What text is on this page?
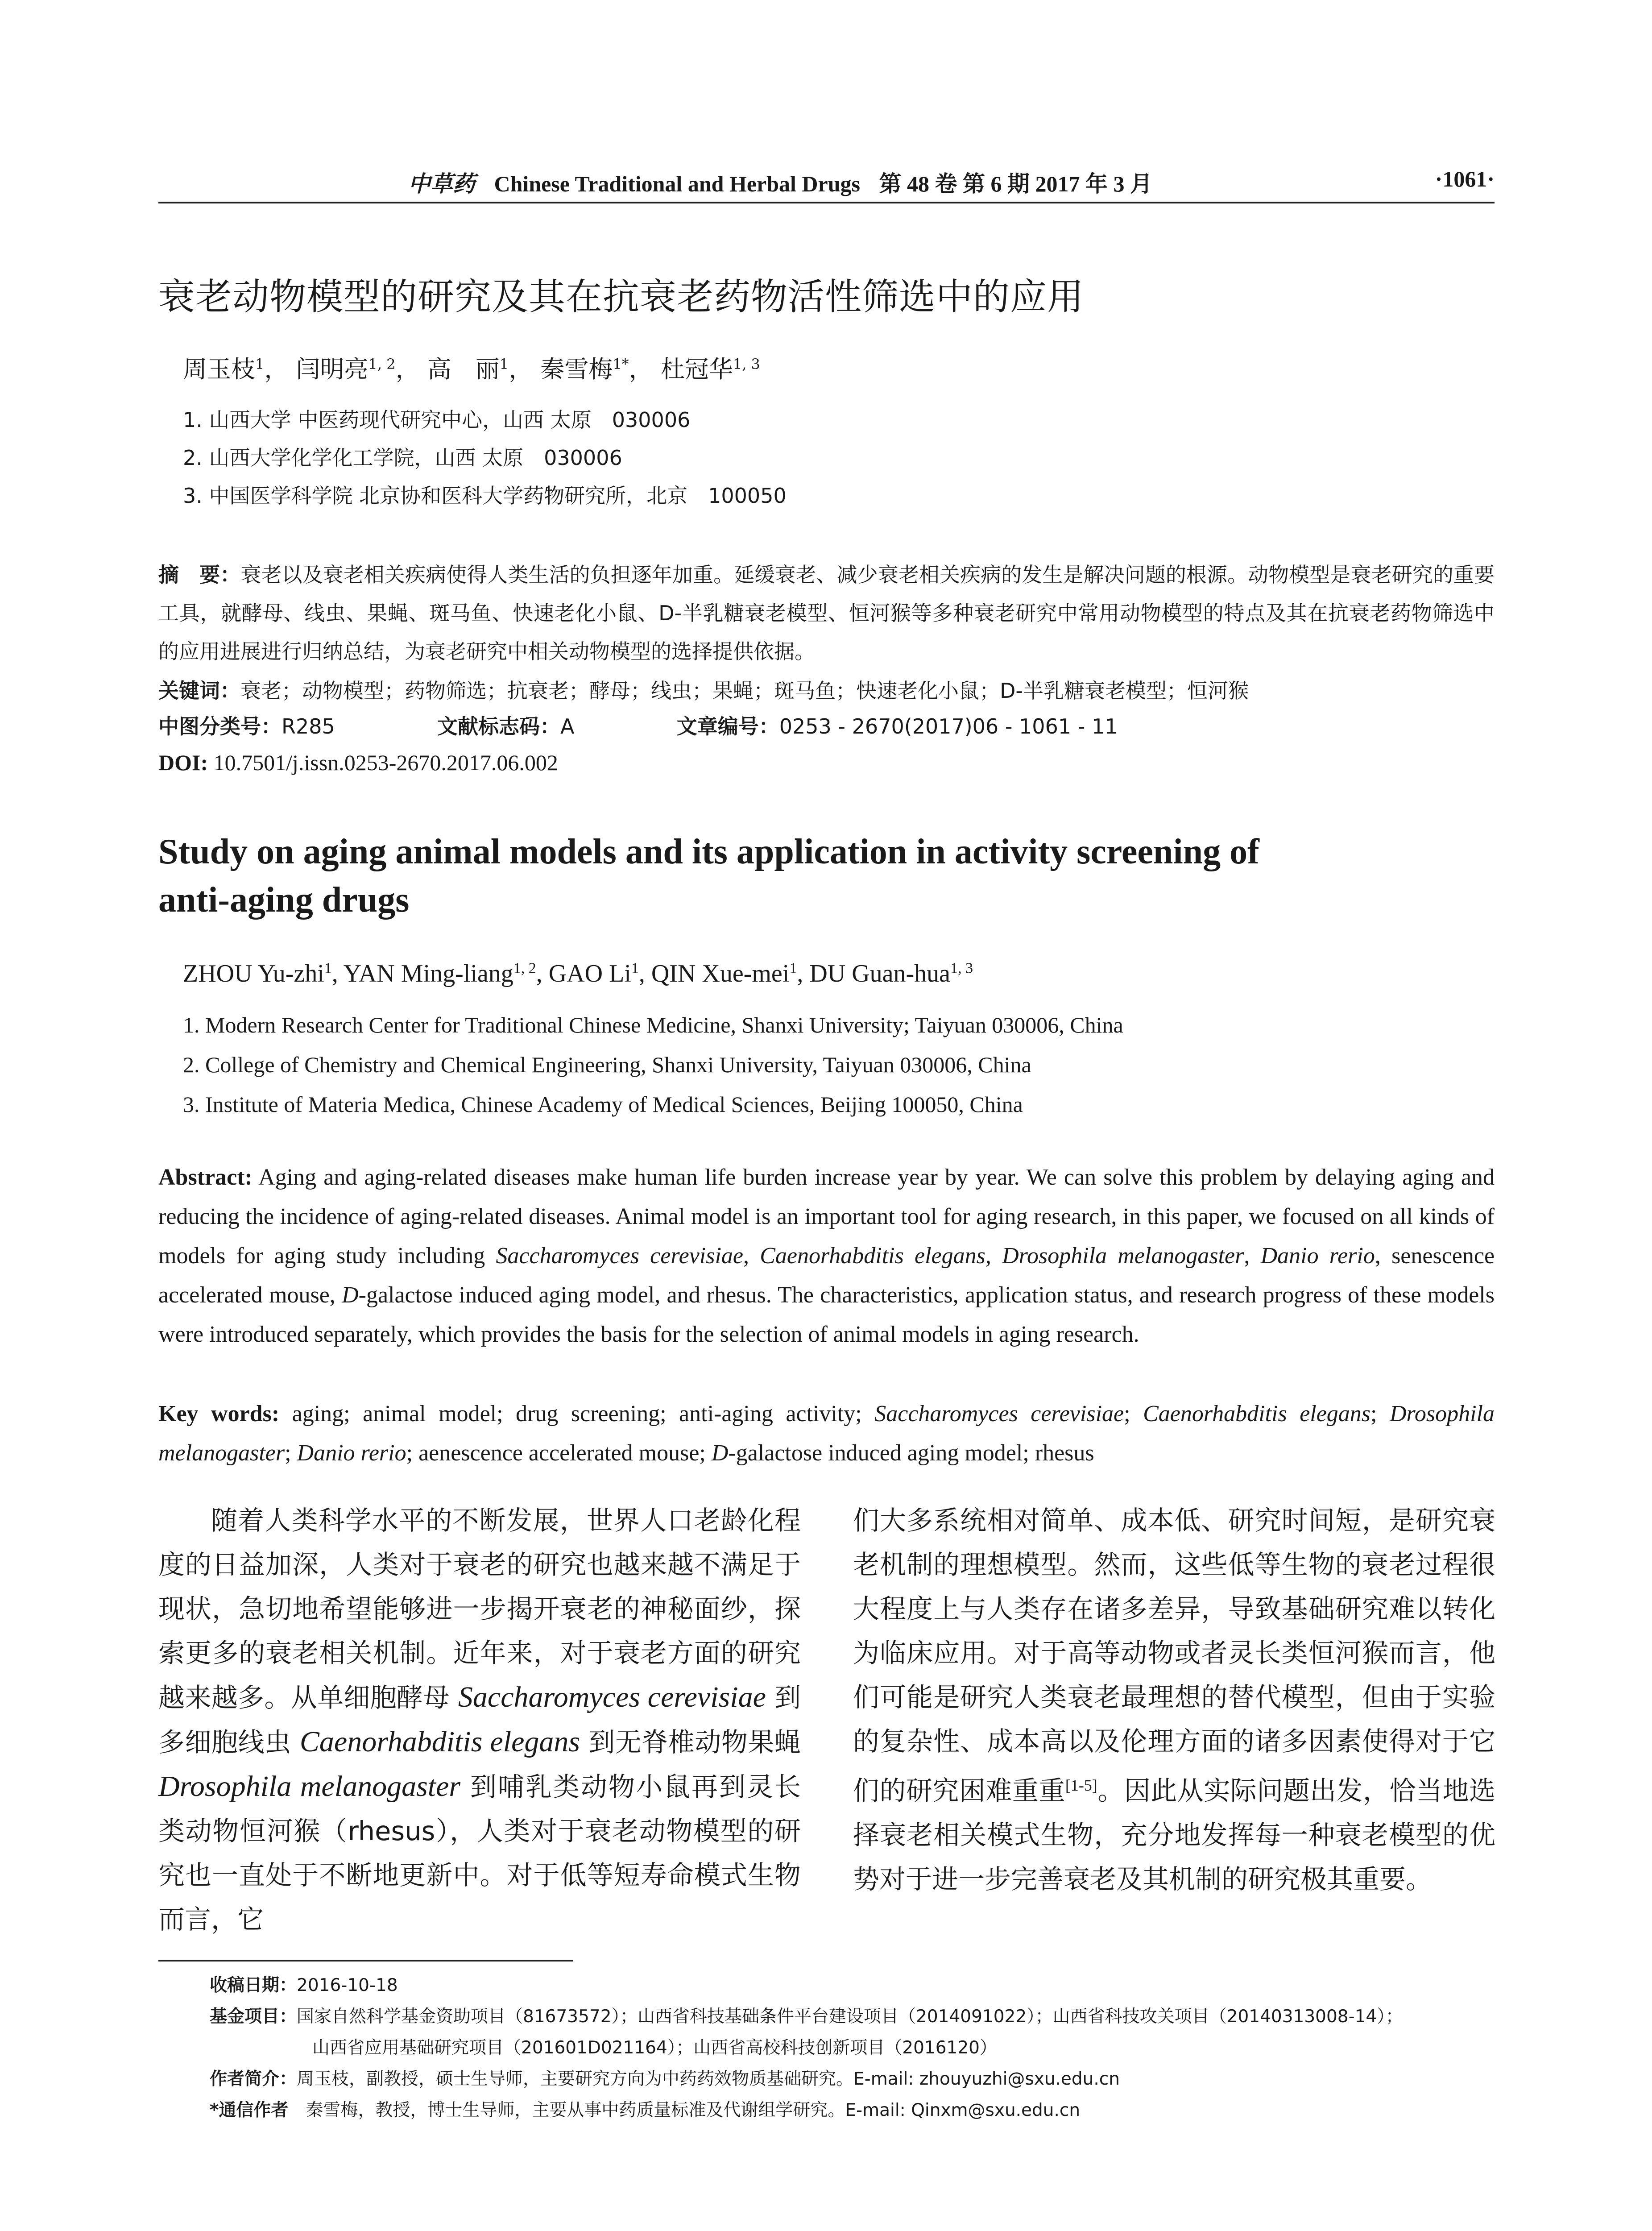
中草药 Chinese Traditional and Herbal Drugs 第 48 卷 第 6 期 2017 年 3 月	·1061·
衰老动物模型的研究及其在抗衰老药物活性筛选中的应用
周玉枝$^1$， 闫明亮$^{1, 2}$， 高　丽$^1$， 秦雪梅$^{1*}$， 杜冠华$^{1, 3}$
1. 山西大学 中医药现代研究中心，山西 太原　030006
2. 山西大学化学化工学院，山西 太原　030006
3. 中国医学科学院 北京协和医科大学药物研究所，北京　100050
摘　要：衰老以及衰老相关疾病使得人类生活的负担逐年加重。延缓衰老、减少衰老相关疾病的发生是解决问题的根源。动物模型是衰老研究的重要工具，就酵母、线虫、果蝇、斑马鱼、快速老化小鼠、D-半乳糖衰老模型、恒河猴等多种衰老研究中常用动物模型的特点及其在抗衰老药物筛选中的应用进展进行归纳总结，为衰老研究中相关动物模型的选择提供依据。
关键词：衰老；动物模型；药物筛选；抗衰老；酵母；线虫；果蝇；斑马鱼；快速老化小鼠；D-半乳糖衰老模型；恒河猴
中图分类号：R285	文献标志码：A	文章编号：0253 - 2670(2017)06 - 1061 - 11
DOI: 10.7501/j.issn.0253-2670.2017.06.002
Study on aging animal models and its application in activity screening of
anti-aging drugs
ZHOU Yu-zhi$^1$, YAN Ming-liang$^{1, 2}$, GAO Li$^1$, QIN Xue-mei$^1$, DU Guan-hua$^{1, 3}$
1. Modern Research Center for Traditional Chinese Medicine, Shanxi University; Taiyuan 030006, China
2. College of Chemistry and Chemical Engineering, Shanxi University, Taiyuan 030006, China
3. Institute of Materia Medica, Chinese Academy of Medical Sciences, Beijing 100050, China
Abstract: Aging and aging-related diseases make human life burden increase year by year. We can solve this problem by delaying aging and reducing the incidence of aging-related diseases. Animal model is an important tool for aging research, in this paper, we focused on all kinds of models for aging study including Saccharomyces cerevisiae, Caenorhabditis elegans, Drosophila melanogaster, Danio rerio, senescence accelerated mouse, D-galactose induced aging model, and rhesus. The characteristics, application status, and research progress of these models were introduced separately, which provides the basis for the selection of animal models in aging research.
Key words: aging; animal model; drug screening; anti-aging activity; Saccharomyces cerevisiae; Caenorhabditis elegans; Drosophila melanogaster; Danio rerio; aenescence accelerated mouse; D-galactose induced aging model; rhesus
随着人类科学水平的不断发展，世界人口老龄化程度的日益加深，人类对于衰老的研究也越来越不满足于现状，急切地希望能够进一步揭开衰老的神秘面纱，探索更多的衰老相关机制。近年来，对于衰老方面的研究越来越多。从单细胞酵母 Saccharomyces cerevisiae 到多细胞线虫 Caenorhabditis elegans 到无脊椎动物果蝇 Drosophila melanogaster 到哺乳类动物小鼠再到灵长类动物恒河猴（rhesus），人类对于衰老动物模型的研究也一直处于不断地更新中。对于低等短寿命模式生物而言，它
们大多系统相对简单、成本低、研究时间短，是研究衰老机制的理想模型。然而，这些低等生物的衰老过程很大程度上与人类存在诸多差异，导致基础研究难以转化为临床应用。对于高等动物或者灵长类恒河猴而言，他们可能是研究人类衰老最理想的替代模型，但由于实验的复杂性、成本高以及伦理方面的诸多因素使得对于它们的研究困难重重[1-5]。因此从实际问题出发，恰当地选择衰老相关模式生物，充分地发挥每一种衰老模型的优势对于进一步完善衰老及其机制的研究极其重要。
收稿日期：2016-10-18
基金项目：国家自然科学基金资助项目（81673572）；山西省科技基础条件平台建设项目（2014091022）；山西省科技攻关项目（20140313008-14）；
山西省应用基础研究项目（201601D021164）；山西省高校科技创新项目（2016120）
作者简介：周玉枝，副教授，硕士生导师，主要研究方向为中药药效物质基础研究。E-mail: zhouyuzhi@sxu.edu.cn
*通信作者　秦雪梅，教授，博士生导师，主要从事中药质量标准及代谢组学研究。E-mail: Qinxm@sxu.edu.cn
